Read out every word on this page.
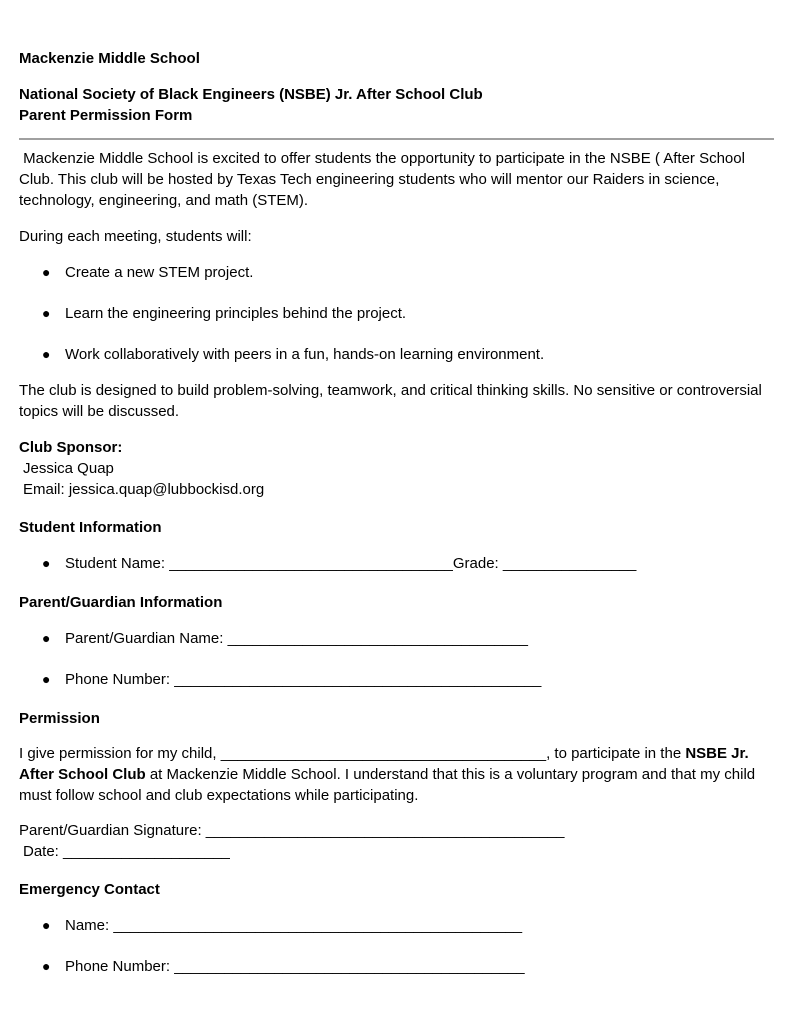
Mackenzie Middle School

National Society of Black Engineers (NSBE) Jr. After School Club
Parent Permission Form

Mackenzie Middle School is excited to offer students the opportunity to participate in the NSBE ( After School Club. This club will be hosted by Texas Tech engineering students who will mentor our Raiders in science, technology, engineering, and math (STEM).

During each meeting, students will:

● Create a new STEM project.
● Learn the engineering principles behind the project.
● Work collaboratively with peers in a fun, hands-on learning environment.

The club is designed to build problem-solving, teamwork, and critical thinking skills. No sensitive or controversial topics will be discussed.

Club Sponsor:

Jessica Quap

Email: jessica.quap@lubbockisd.org

Student Information

● Student Name: __________________________________Grade: ________________

Parent/Guardian Information

● Parent/Guardian Name: ____________________________________
● Phone Number: ____________________________________________

Permission

I give permission for my child, _______________________________________, to participate in the NSBE Jr. After School Club at Mackenzie Middle School. I understand that this is a voluntary program and that my child must follow school and club expectations while participating.

Parent/Guardian Signature: ___________________________________________

Date: ____________________

Emergency Contact

● Name: _________________________________________________
● Phone Number: __________________________________________
